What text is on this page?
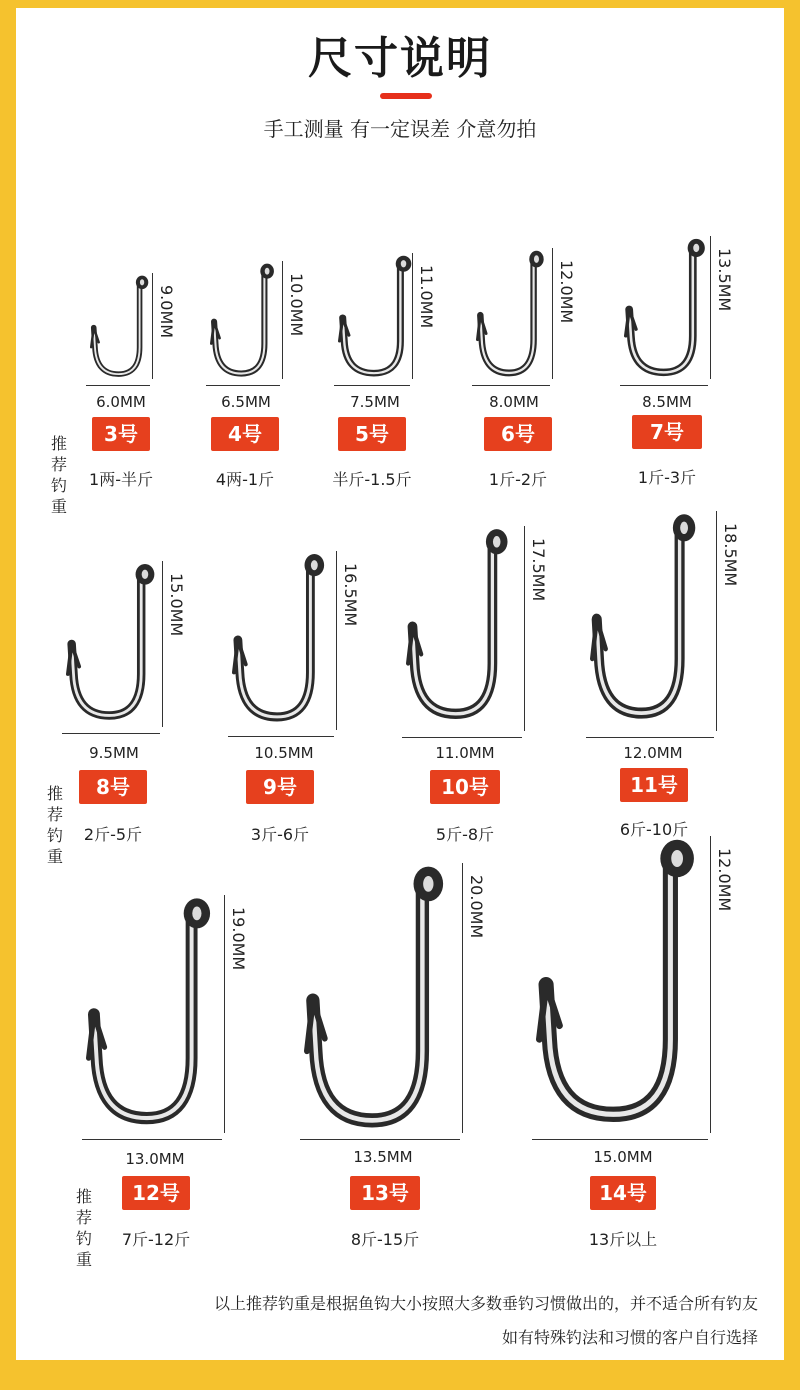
尺寸说明
手工测量 有一定误差 介意勿拍
推荐钓重
推荐钓重
推荐钓重
9.0MM
6.0MM
3号
1两-半斤
10.0MM
6.5MM
4号
4两-1斤
11.0MM
7.5MM
5号
半斤-1.5斤
12.0MM
8.0MM
6号
1斤-2斤
13.5MM
8.5MM
7号
1斤-3斤
15.0MM
9.5MM
8号
2斤-5斤
16.5MM
10.5MM
9号
3斤-6斤
17.5MM
11.0MM
10号
5斤-8斤
18.5MM
12.0MM
11号
6斤-10斤
19.0MM
13.0MM
12号
7斤-12斤
20.0MM
13.5MM
13号
8斤-15斤
12.0MM
15.0MM
14号
13斤以上
以上推荐钓重是根据鱼钩大小按照大多数垂钓习惯做出的，并不适合所有钓友
如有特殊钓法和习惯的客户自行选择
